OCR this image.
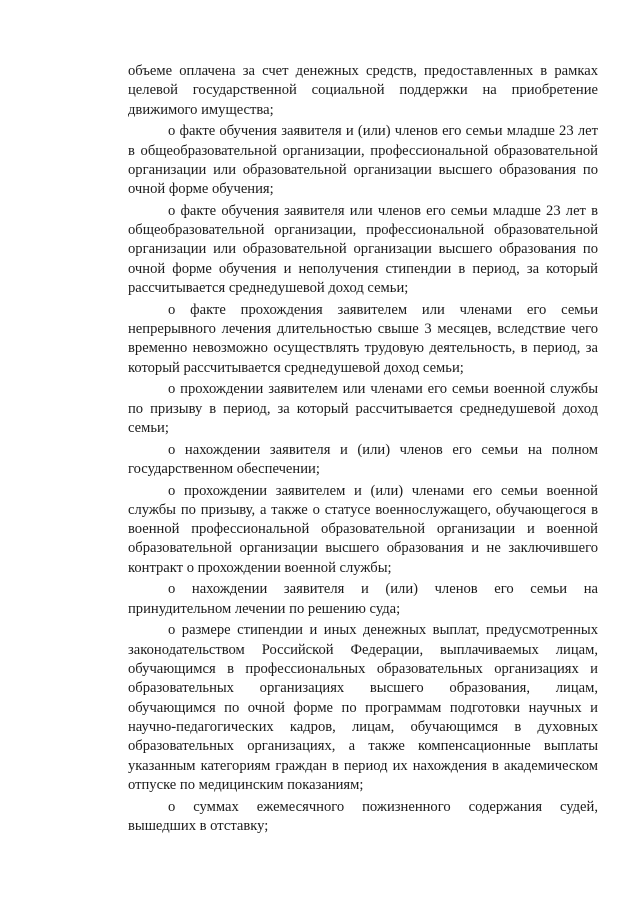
объеме оплачена за счет денежных средств, предоставленных в рамках целевой государственной социальной поддержки на приобретение движимого имущества;

о факте обучения заявителя и (или) членов его семьи младше 23 лет в общеобразовательной организации, профессиональной образовательной организации или образовательной организации высшего образования по очной форме обучения;

о факте обучения заявителя или членов его семьи младше 23 лет в общеобразовательной организации, профессиональной образовательной организации или образовательной организации высшего образования по очной форме обучения и неполучения стипендии в период, за который рассчитывается среднедушевой доход семьи;

о факте прохождения заявителем или членами его семьи непрерывного лечения длительностью свыше 3 месяцев, вследствие чего временно невозможно осуществлять трудовую деятельность, в период, за который рассчитывается среднедушевой доход семьи;

о прохождении заявителем или членами его семьи военной службы по призыву в период, за который рассчитывается среднедушевой доход семьи;

о нахождении заявителя и (или) членов его семьи на полном государственном обеспечении;

о прохождении заявителем и (или) членами его семьи военной службы по призыву, а также о статусе военнослужащего, обучающегося в военной профессиональной образовательной организации и военной образовательной организации высшего образования и не заключившего контракт о прохождении военной службы;

о нахождении заявителя и (или) членов его семьи на принудительном лечении по решению суда;

о размере стипендии и иных денежных выплат, предусмотренных законодательством Российской Федерации, выплачиваемых лицам, обучающимся в профессиональных образовательных организациях и образовательных организациях высшего образования, лицам, обучающимся по очной форме по программам подготовки научных и научно-педагогических кадров, лицам, обучающимся в духовных образовательных организациях, а также компенсационные выплаты указанным категориям граждан в период их нахождения в академическом отпуске по медицинским показаниям;

о суммах ежемесячного пожизненного содержания судей, вышедших в отставку;
